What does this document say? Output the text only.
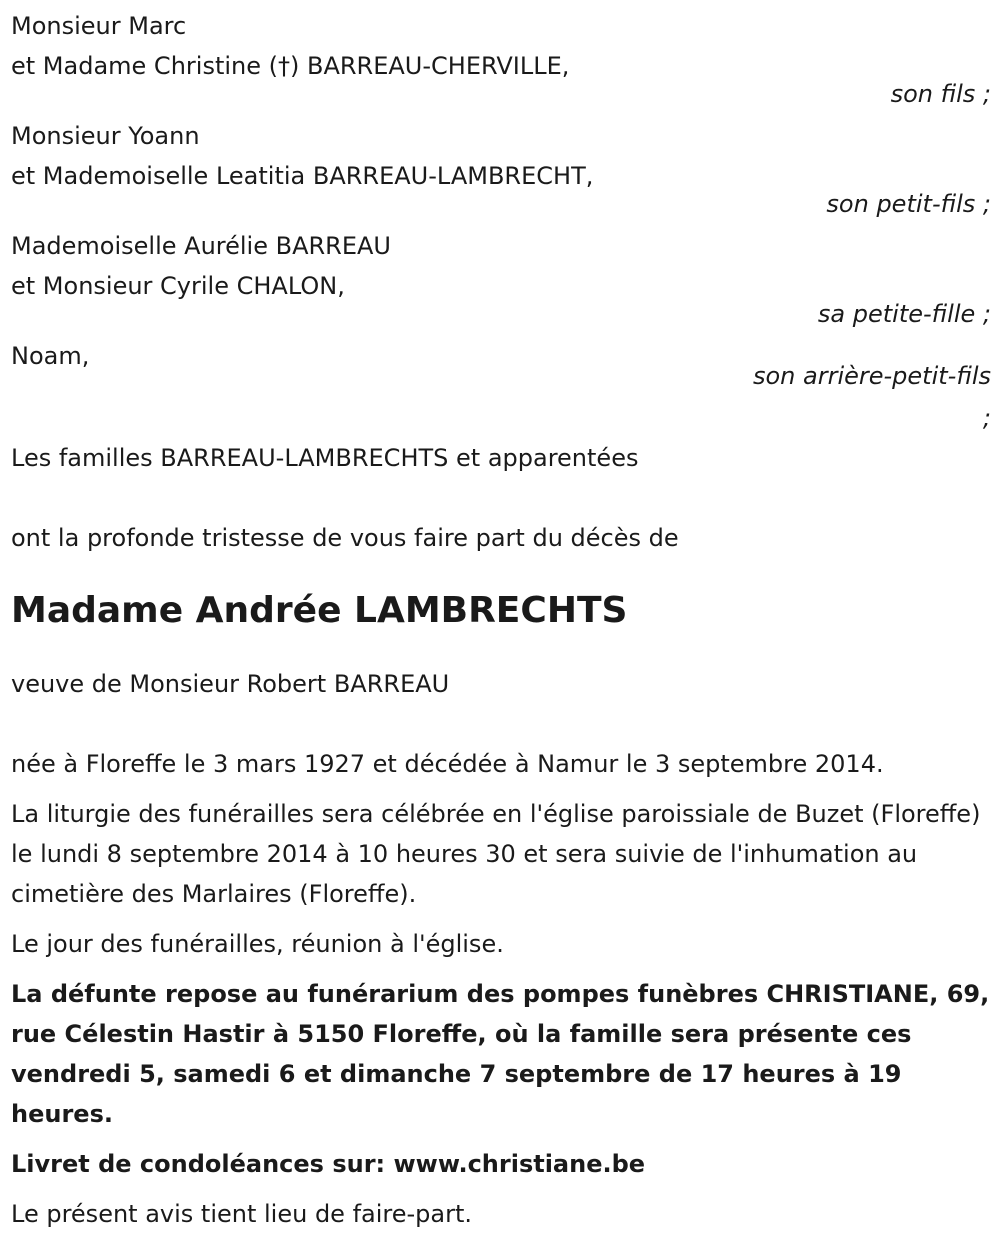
Monsieur Marc
et Madame Christine (†) BARREAU-CHERVILLE,
son fils ;
Monsieur Yoann
et Mademoiselle Leatitia BARREAU-LAMBRECHT,
son petit-fils ;
Mademoiselle Aurélie BARREAU
et Monsieur Cyrile CHALON,
sa petite-fille ;
Noam,
son arrière-petit-fils
;
Les familles BARREAU-LAMBRECHTS et apparentées
ont la profonde tristesse de vous faire part du décès de
Madame Andrée LAMBRECHTS
veuve de Monsieur Robert BARREAU
née à Floreffe le 3 mars 1927 et décédée à Namur le 3 septembre 2014.
La liturgie des funérailles sera célébrée en l'église paroissiale de Buzet (Floreffe) le lundi 8 septembre 2014 à 10 heures 30 et sera suivie de l'inhumation au cimetière des Marlaires (Floreffe).
Le jour des funérailles, réunion à l'église.
La défunte repose au funérarium des pompes funèbres CHRISTIANE, 69, rue Célestin Hastir à 5150 Floreffe, où la famille sera présente ces vendredi 5, samedi 6 et dimanche 7 septembre de 17 heures à 19 heures.
Livret de condoléances sur: www.christiane.be
Le présent avis tient lieu de faire-part.
